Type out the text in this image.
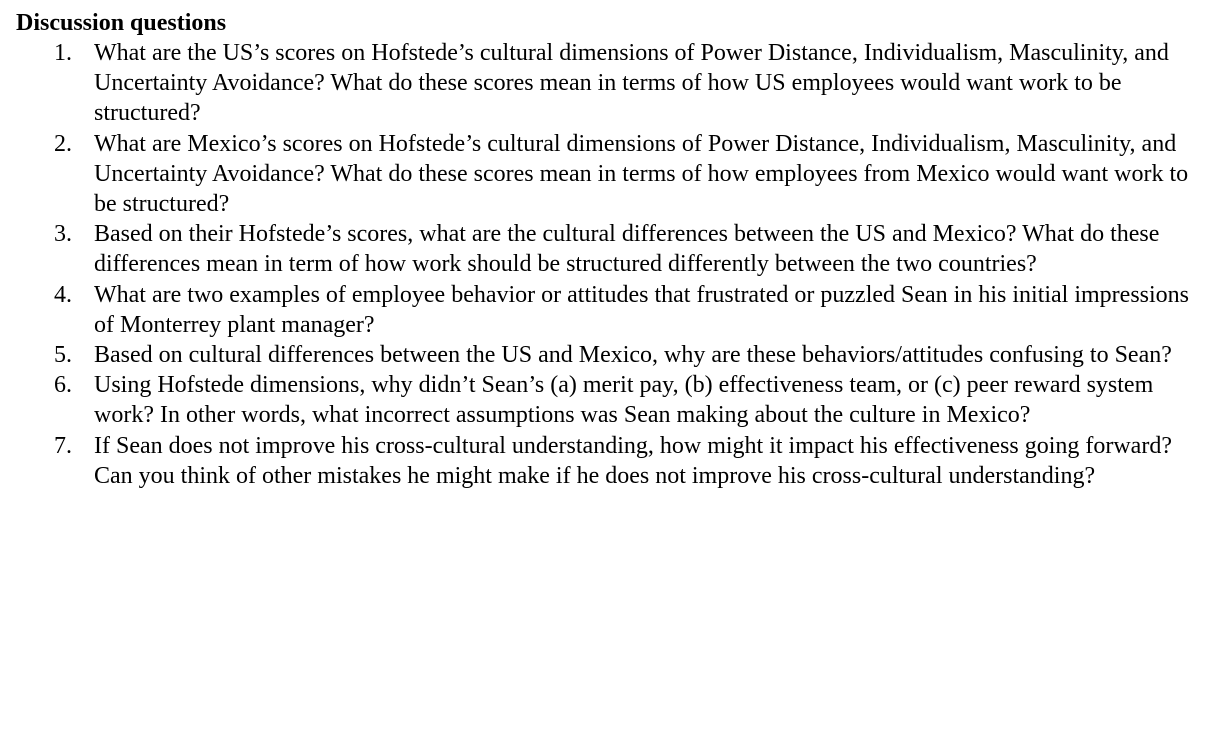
Discussion questions
1. What are the US’s scores on Hofstede’s cultural dimensions of Power Distance, Individualism, Masculinity, and Uncertainty Avoidance? What do these scores mean in terms of how US employees would want work to be structured?
2. What are Mexico’s scores on Hofstede’s cultural dimensions of Power Distance, Individualism, Masculinity, and Uncertainty Avoidance? What do these scores mean in terms of how employees from Mexico would want work to be structured?
3. Based on their Hofstede’s scores, what are the cultural differences between the US and Mexico? What do these differences mean in term of how work should be structured differently between the two countries?
4. What are two examples of employee behavior or attitudes that frustrated or puzzled Sean in his initial impressions of Monterrey plant manager?
5. Based on cultural differences between the US and Mexico, why are these behaviors/attitudes confusing to Sean?
6. Using Hofstede dimensions, why didn’t Sean’s (a) merit pay, (b) effectiveness team, or (c) peer reward system work? In other words, what incorrect assumptions was Sean making about the culture in Mexico?
7. If Sean does not improve his cross-cultural understanding, how might it impact his effectiveness going forward? Can you think of other mistakes he might make if he does not improve his cross-cultural understanding?
